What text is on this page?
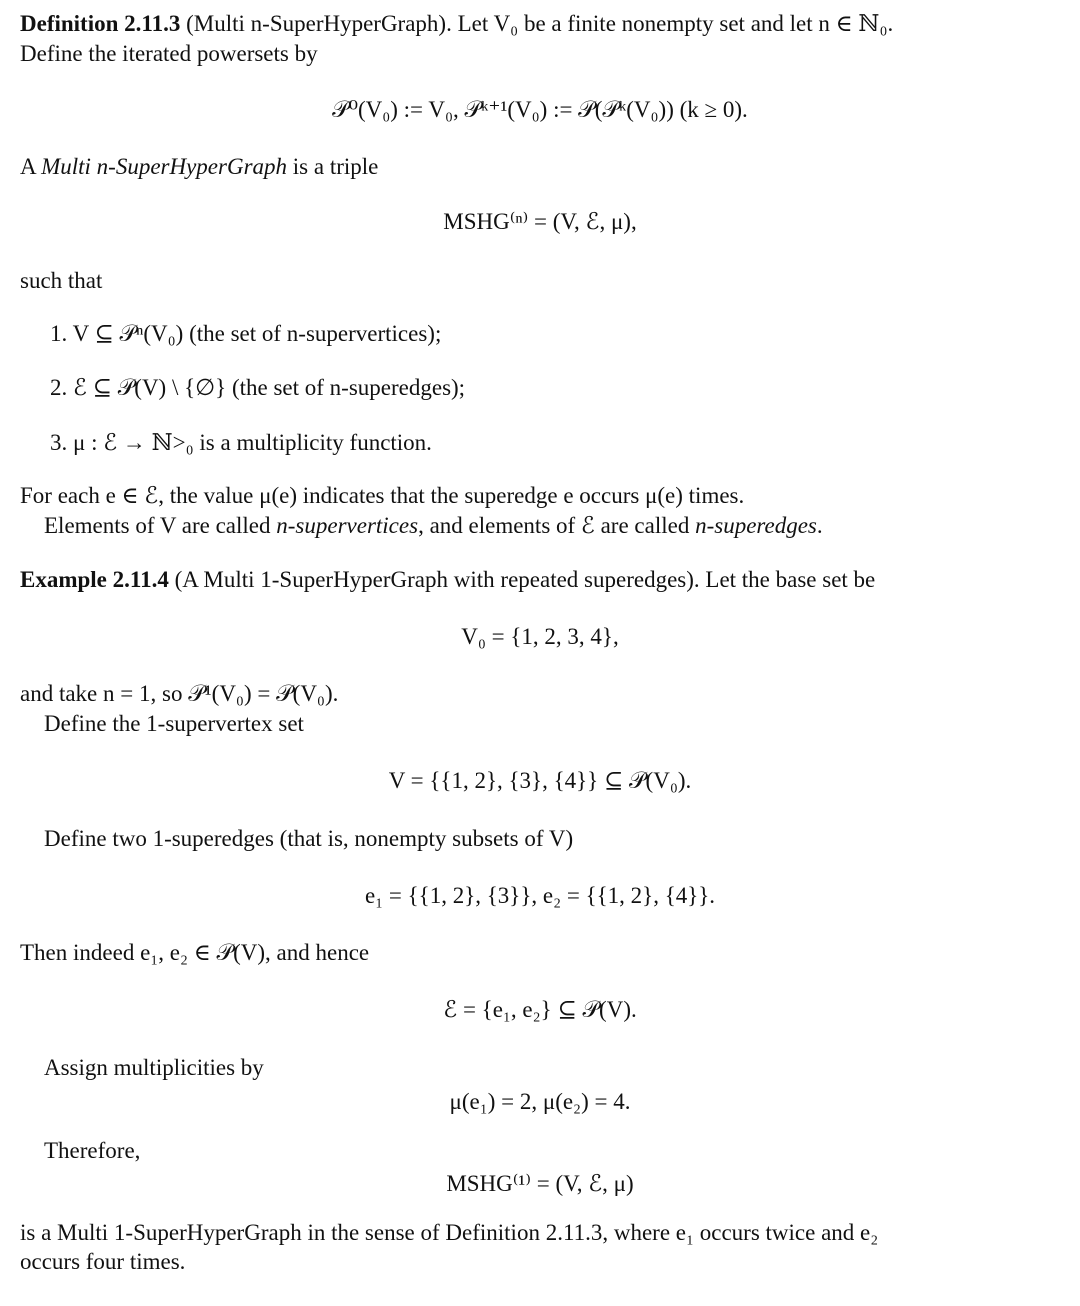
Definition 2.11.3 (Multi n-SuperHyperGraph). Let V₀ be a finite nonempty set and let n ∈ ℕ₀.
Define the iterated powersets by
𝒫⁰(V₀) := V₀, 𝒫ᵏ⁺¹(V₀) := 𝒫(𝒫ᵏ(V₀)) (k ≥ 0).
A Multi n-SuperHyperGraph is a triple
MSHG⁽ⁿ⁾ = (V, ℰ, μ),
such that
1. V ⊆ 𝒫ⁿ(V₀) (the set of n-supervertices);
2. ℰ ⊆ 𝒫(V) \ {∅} (the set of n-superedges);
3. μ : ℰ → ℕ>₀ is a multiplicity function.
For each e ∈ ℰ, the value μ(e) indicates that the superedge e occurs μ(e) times.
Elements of V are called n-supervertices, and elements of ℰ are called n-superedges.
Example 2.11.4 (A Multi 1-SuperHyperGraph with repeated superedges). Let the base set be
V₀ = {1, 2, 3, 4},
and take n = 1, so 𝒫¹(V₀) = 𝒫(V₀).
Define the 1-supervertex set
V = {{1, 2}, {3}, {4}} ⊆ 𝒫(V₀).
Define two 1-superedges (that is, nonempty subsets of V)
e₁ = {{1, 2}, {3}}, e₂ = {{1, 2}, {4}}.
Then indeed e₁, e₂ ∈ 𝒫(V), and hence
ℰ = {e₁, e₂} ⊆ 𝒫(V).
Assign multiplicities by
μ(e₁) = 2, μ(e₂) = 4.
Therefore,
MSHG⁽¹⁾ = (V, ℰ, μ)
is a Multi 1-SuperHyperGraph in the sense of Definition 2.11.3, where e₁ occurs twice and e₂
occurs four times.
